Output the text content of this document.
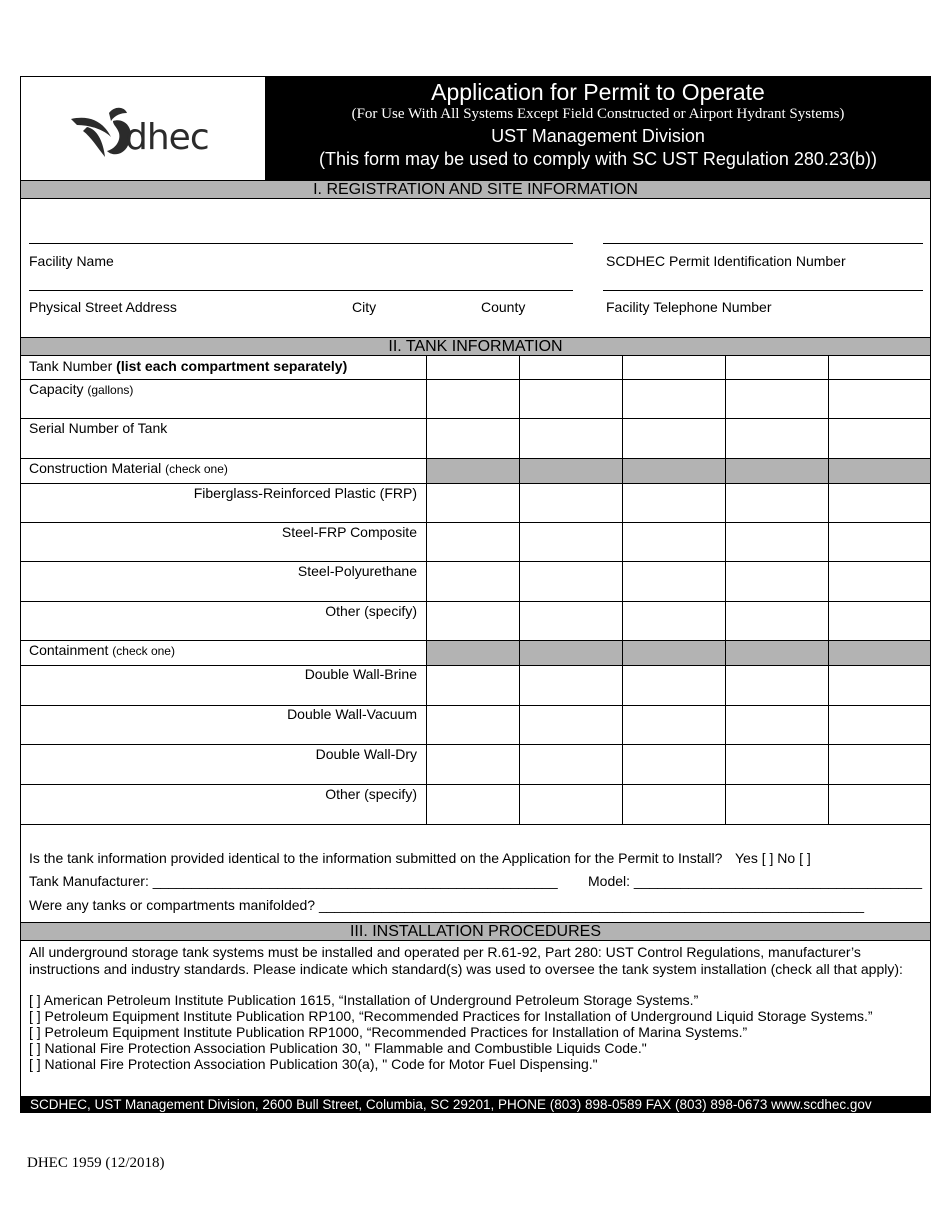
dhec
Application for Permit to Operate
(For Use With All Systems Except Field Constructed or Airport Hydrant Systems)
UST Management Division
(This form may be used to comply with SC UST Regulation 280.23(b))
I. REGISTRATION AND SITE INFORMATION
Facility Name	SCDHEC Permit Identification Number
Physical Street Address	City	County	Facility Telephone Number
II. TANK INFORMATION
Tank Number (list each compartment separately)
Capacity (gallons)
Serial Number of Tank
Construction Material (check one)
Fiberglass-Reinforced Plastic (FRP)
Steel-FRP Composite
Steel-Polyurethane
Other (specify)
Containment (check one)
Double Wall-Brine
Double Wall-Vacuum
Double Wall-Dry
Other (specify)
Is the tank information provided identical to the information submitted on the Application for the Permit to Install? Yes [ ] No [ ]
Tank Manufacturer: ____________________________________________________ Model: _____________________________________
Were any tanks or compartments manifolded? ______________________________________________________________________
III. INSTALLATION PROCEDURES
All underground storage tank systems must be installed and operated per R.61-92, Part 280: UST Control Regulations, manufacturer’s
instructions and industry standards. Please indicate which standard(s) was used to oversee the tank system installation (check all that apply):
[ ] American Petroleum Institute Publication 1615, “Installation of Underground Petroleum Storage Systems.”
[ ] Petroleum Equipment Institute Publication RP100, “Recommended Practices for Installation of Underground Liquid Storage Systems.”
[ ] Petroleum Equipment Institute Publication RP1000, “Recommended Practices for Installation of Marina Systems.”
[ ] National Fire Protection Association Publication 30, " Flammable and Combustible Liquids Code."
[ ] National Fire Protection Association Publication 30(a), " Code for Motor Fuel Dispensing."
SCDHEC, UST Management Division, 2600 Bull Street, Columbia, SC 29201, PHONE (803) 898-0589 FAX (803) 898-0673 www.scdhec.gov
DHEC 1959 (12/2018)
